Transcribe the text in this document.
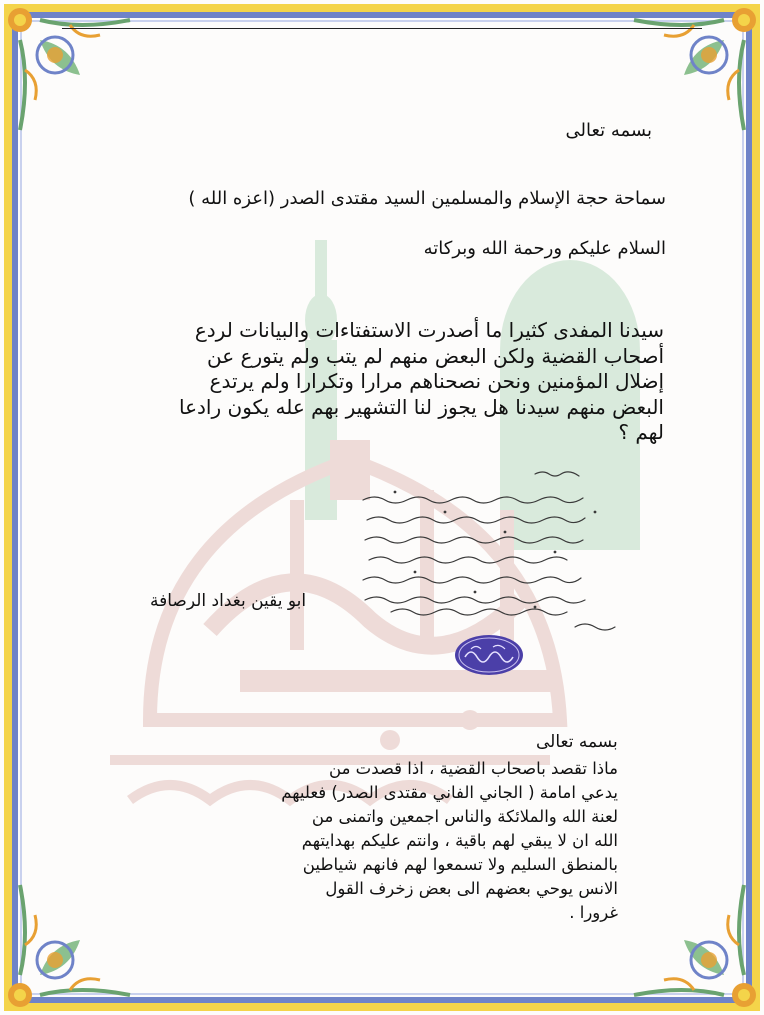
بسمه تعالى
سماحة حجة الإسلام والمسلمين السيد مقتدى الصدر (اعزه الله )
السلام عليكم ورحمة الله وبركاته
سيدنا المفدى كثيرا ما أصدرت الاستفتاءات والبيانات لردع أصحاب القضية ولكن البعض منهم لم يتب ولم يتورع عن إضلال المؤمنين ونحن نصحناهم مرارا وتكرارا ولم يرتدع البعض منهم سيدنا هل يجوز لنا التشهير بهم عله يكون رادعا لهم ؟
ابو يقين بغداد الرصافة
بسمه تعالى
ماذا تقصد باصحاب القضية ، اذا قصدت من
يدعي امامة ( الجاني الفاني مقتدى الصدر) فعليهم
لعنة الله والملائكة والناس اجمعين واتمنى من
الله ان لا يبقي لهم باقية ، وانتم عليكم بهدايتهم
بالمنطق السليم ولا تسمعوا لهم فانهم شياطين
الانس يوحي بعضهم الى بعض زخرف القول
غرورا .
